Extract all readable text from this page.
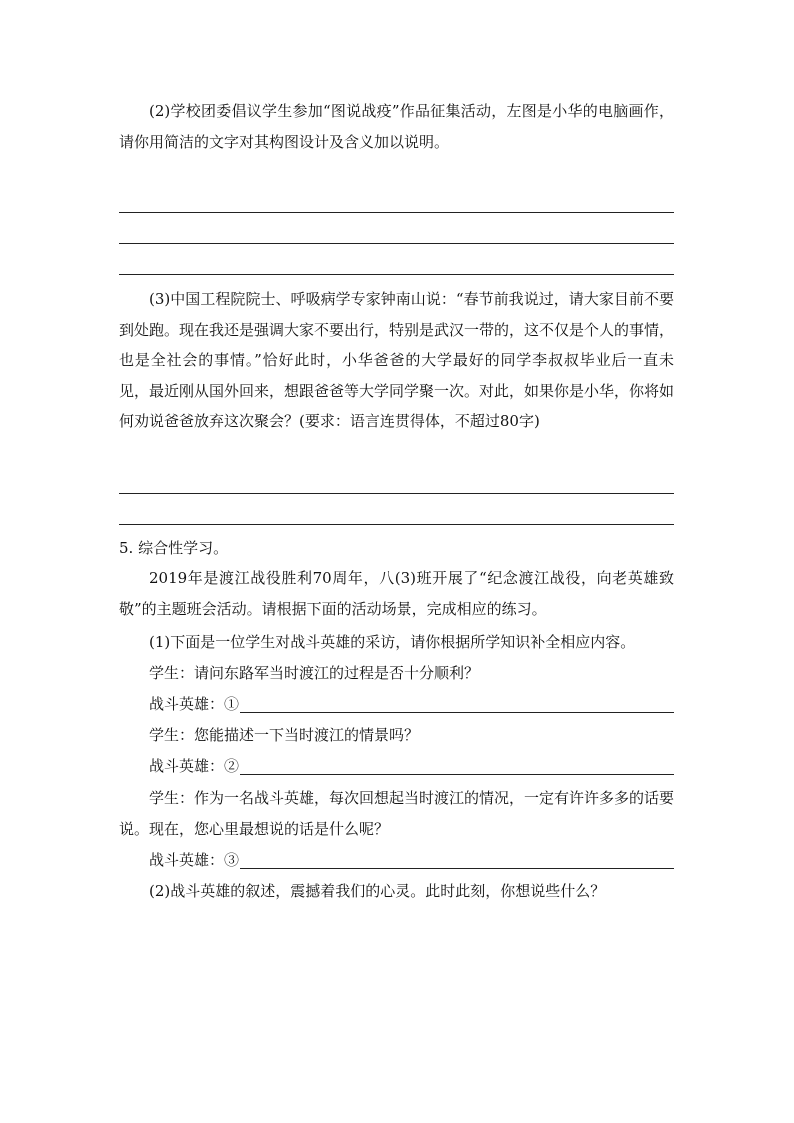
(2)学校团委倡议学生参加“图说战疫”作品征集活动，左图是小华的电脑画作，请你用简洁的文字对其构图设计及含义加以说明。

(3)中国工程院院士、呼吸病学专家钟南山说：“春节前我说过，请大家目前不要到处跑。现在我还是强调大家不要出行，特别是武汉一带的，这不仅是个人的事情，也是全社会的事情。”恰好此时，小华爸爸的大学最好的同学李叔叔毕业后一直未见，最近刚从国外回来，想跟爸爸等大学同学聚一次。对此，如果你是小华，你将如何劝说爸爸放弃这次聚会？(要求：语言连贯得体，不超过80字)

5. 综合性学习。

2019年是渡江战役胜利70周年，八(3)班开展了“纪念渡江战役，向老英雄致敬”的主题班会活动。请根据下面的活动场景，完成相应的练习。

(1)下面是一位学生对战斗英雄的采访，请你根据所学知识补全相应内容。

学生：请问东路军当时渡江的过程是否十分顺利？

战斗英雄：①

学生：您能描述一下当时渡江的情景吗？

战斗英雄：②

学生：作为一名战斗英雄，每次回想起当时渡江的情况，一定有许许多多的话要说。现在，您心里最想说的话是什么呢？

战斗英雄：③

(2)战斗英雄的叙述，震撼着我们的心灵。此时此刻，你想说些什么？
